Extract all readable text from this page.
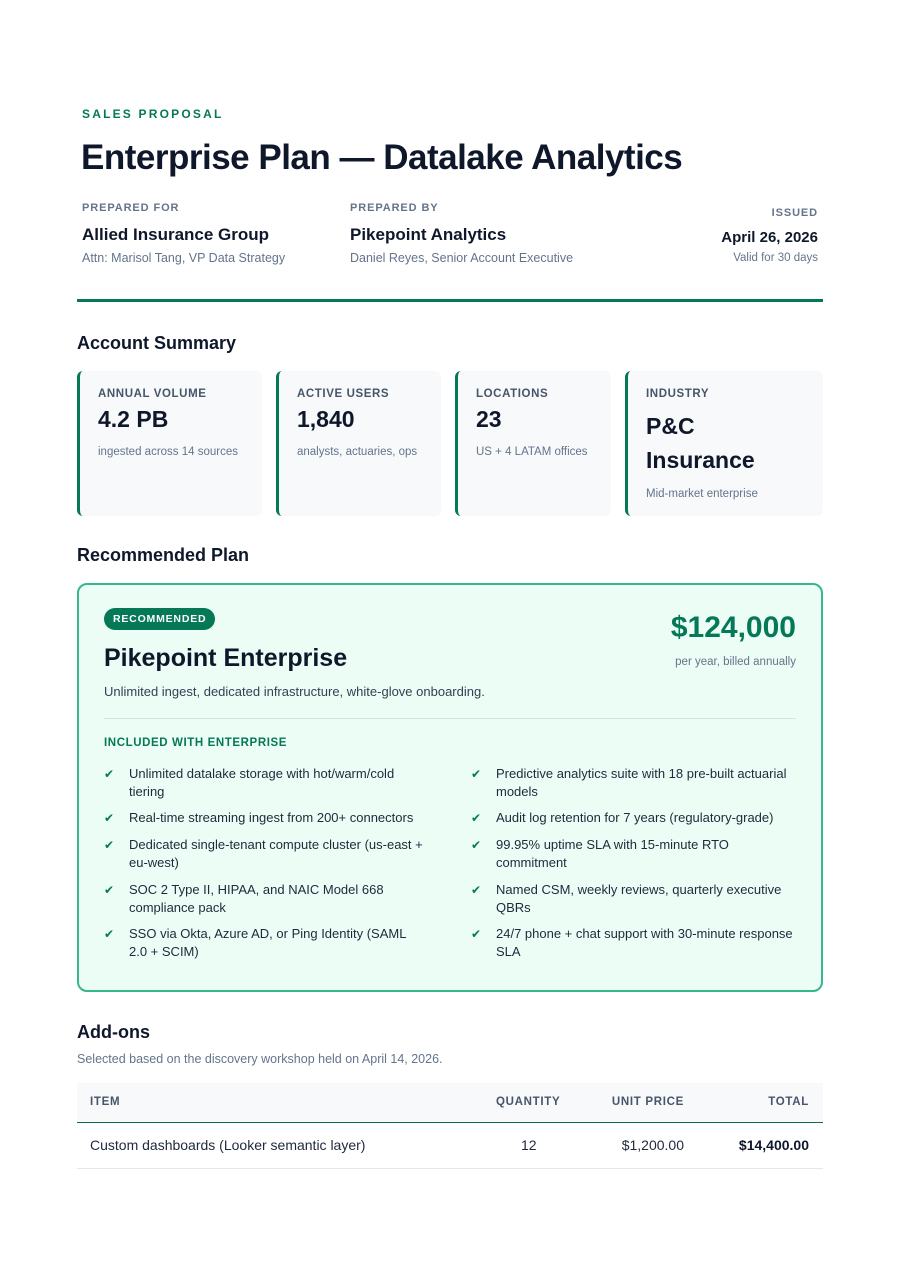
SALES PROPOSAL
Enterprise Plan — Datalake Analytics
PREPARED FOR
Allied Insurance Group
Attn: Marisol Tang, VP Data Strategy
PREPARED BY
Pikepoint Analytics
Daniel Reyes, Senior Account Executive
ISSUED
April 26, 2026
Valid for 30 days
Account Summary
ANNUAL VOLUME
4.2 PB
ingested across 14 sources
ACTIVE USERS
1,840
analysts, actuaries, ops
LOCATIONS
23
US + 4 LATAM offices
INDUSTRY
P&C Insurance
Mid-market enterprise
Recommended Plan
RECOMMENDED
Pikepoint Enterprise
Unlimited ingest, dedicated infrastructure, white-glove onboarding.
$124,000
per year, billed annually
INCLUDED WITH ENTERPRISE
✔	Unlimited datalake storage with hot/warm/cold tiering
✔	Real-time streaming ingest from 200+ connectors
✔	Dedicated single-tenant compute cluster (us-east + eu-west)
✔	SOC 2 Type II, HIPAA, and NAIC Model 668 compliance pack
✔	SSO via Okta, Azure AD, or Ping Identity (SAML 2.0 + SCIM)
✔	Predictive analytics suite with 18 pre-built actuarial models
✔	Audit log retention for 7 years (regulatory-grade)
✔	99.95% uptime SLA with 15-minute RTO commitment
✔	Named CSM, weekly reviews, quarterly executive QBRs
✔	24/7 phone + chat support with 30-minute response SLA
Add-ons
Selected based on the discovery workshop held on April 14, 2026.
ITEM	QUANTITY	UNIT PRICE	TOTAL
Custom dashboards (Looker semantic layer)	12	$1,200.00	$14,400.00
